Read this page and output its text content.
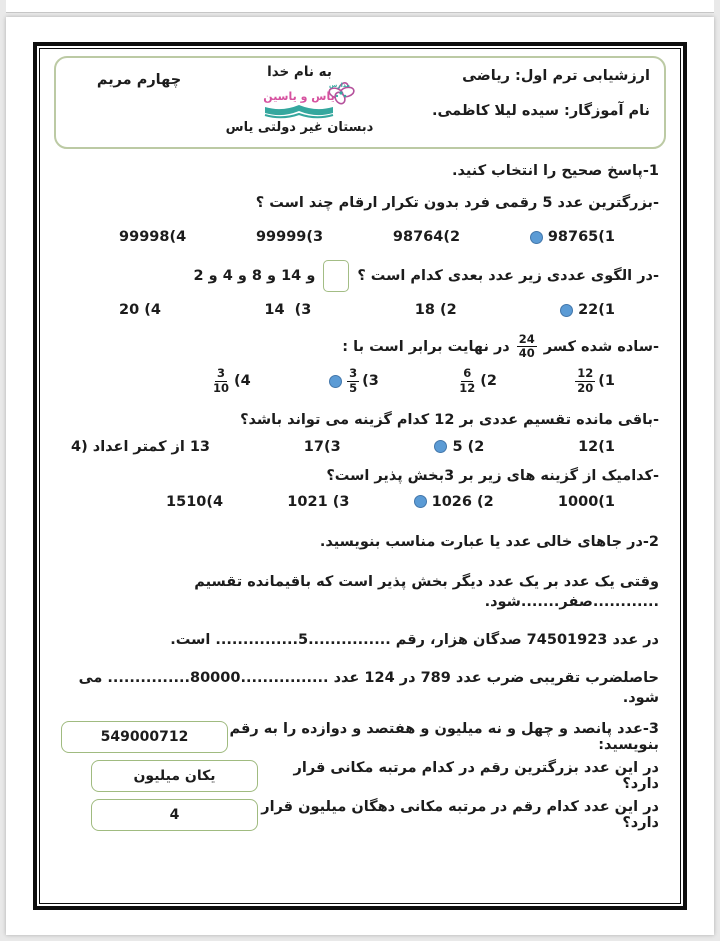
ارزشیابی ترم اول: ریاضی
نام آموزگار: سیده لیلا کاظمی.
به نام خدا
مدارس
یاس و یاسین
دبستان غیر دولتی یاس
چهارم مریم
1-پاسخ صحیح را انتخاب کنید.
-بزرگترین عدد 5 رقمی فرد بدون تکرار ارقام چند است ؟
98765(1
98764(2
99999(3
99998(4
-در الگوی عددی زیر عدد بعدی کدام است ؟
و 14 و 8 و 4 و 2
22(1
18 (2
14  (3
20 (4
-ساده شده کسر
$\frac{24}{40}$
در نهایت برابر است با :
$\frac{12}{20} (1$
$\frac{6}{12} (2$
$\frac{3}{5} (3$
$\frac{3}{10} (4$
-باقی مانده تقسیم عددی بر 12 کدام گزینه می تواند باشد؟
12(1
5 (2
17(3
4) اعداد کمتر از 13
-کدامیک از گزینه های زیر بر 3بخش پذیر است؟
1000(1
1026 (2
1021 (3
1510(4
2-در جاهای خالی عدد یا عبارت مناسب بنویسید.
وقتی یک عدد بر یک عدد دیگر بخش پذیر است که باقیمانده تقسیم ............صفر.......شود.
در عدد 74501923 صدگان هزار، رقم ...............5............... است.
حاصلضرب تقریبی ضرب عدد 789 در 124 عدد ................80000............... می شود.
3-عدد پانصد و چهل و نه میلیون و هفتصد و دوازده را به رقم بنویسید:
549000712
در این عدد بزرگترین رقم در کدام مرتبه مکانی قرار دارد؟
یکان میلیون
در این عدد کدام رقم در مرتبه مکانی دهگان میلیون قرار دارد؟
4
